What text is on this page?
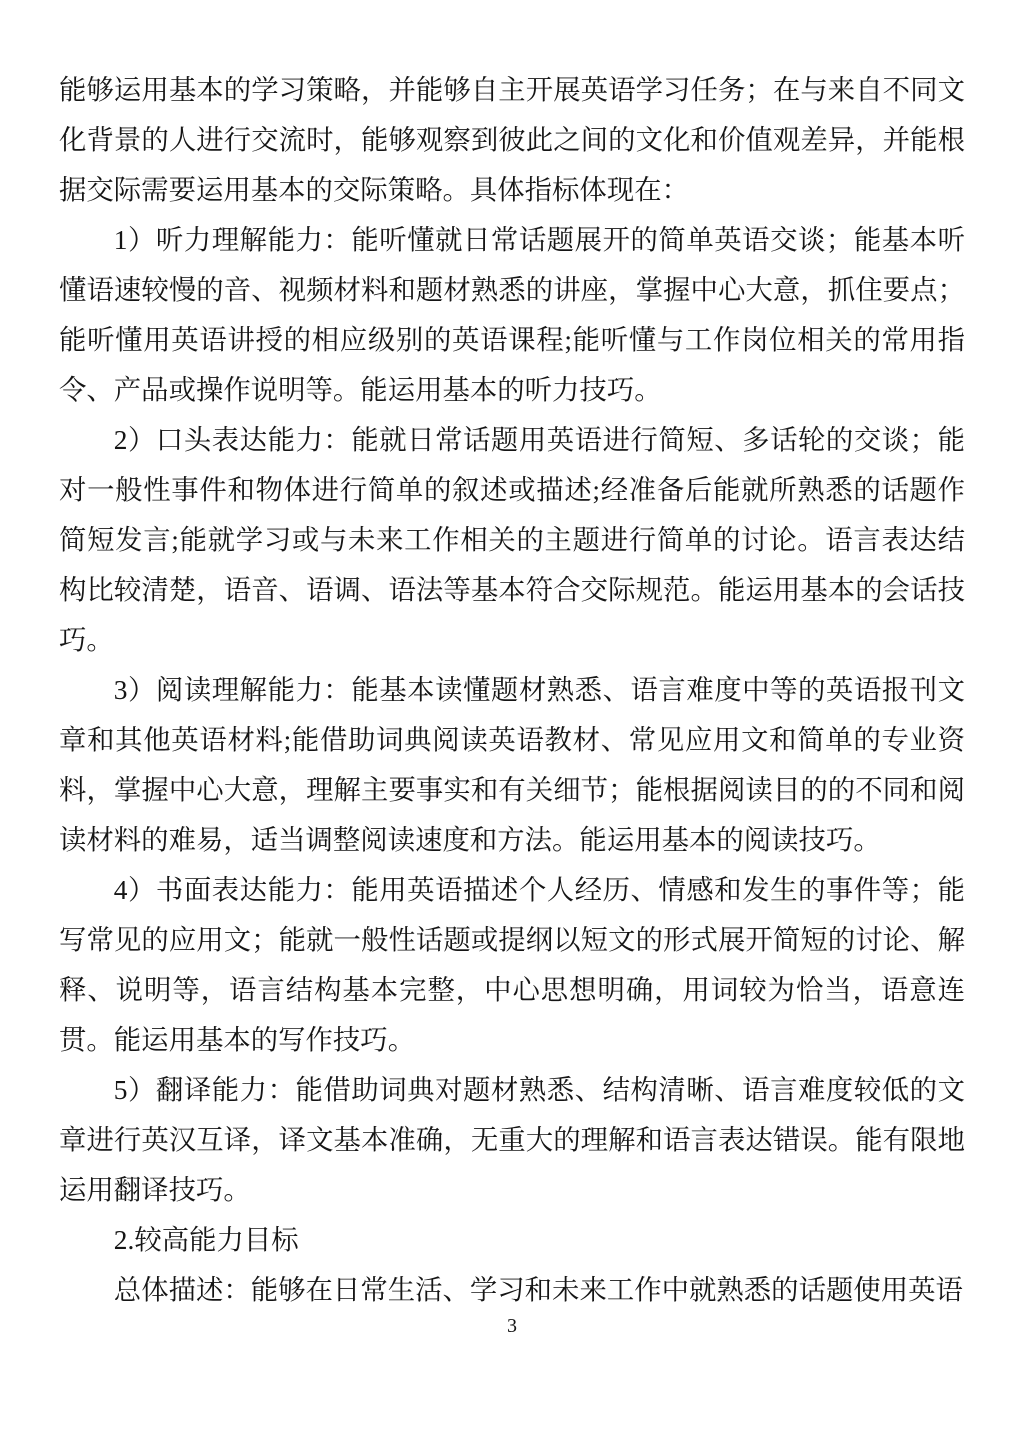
能够运用基本的学习策略，并能够自主开展英语学习任务；在与来自不同文化背景的人进行交流时，能够观察到彼此之间的文化和价值观差异，并能根据交际需要运用基本的交际策略。具体指标体现在：

1）听力理解能力：能听懂就日常话题展开的简单英语交谈；能基本听懂语速较慢的音、视频材料和题材熟悉的讲座，掌握中心大意，抓住要点；能听懂用英语讲授的相应级别的英语课程;能听懂与工作岗位相关的常用指令、产品或操作说明等。能运用基本的听力技巧。

2）口头表达能力：能就日常话题用英语进行简短、多话轮的交谈；能对一般性事件和物体进行简单的叙述或描述;经准备后能就所熟悉的话题作简短发言;能就学习或与未来工作相关的主题进行简单的讨论。语言表达结构比较清楚，语音、语调、语法等基本符合交际规范。能运用基本的会话技巧。

3）阅读理解能力：能基本读懂题材熟悉、语言难度中等的英语报刊文章和其他英语材料;能借助词典阅读英语教材、常见应用文和简单的专业资料，掌握中心大意，理解主要事实和有关细节；能根据阅读目的的不同和阅读材料的难易，适当调整阅读速度和方法。能运用基本的阅读技巧。

4）书面表达能力：能用英语描述个人经历、情感和发生的事件等；能写常见的应用文；能就一般性话题或提纲以短文的形式展开简短的讨论、解释、说明等，语言结构基本完整，中心思想明确，用词较为恰当，语意连贯。能运用基本的写作技巧。

5）翻译能力：能借助词典对题材熟悉、结构清晰、语言难度较低的文章进行英汉互译，译文基本准确，无重大的理解和语言表达错误。能有限地运用翻译技巧。

2.较高能力目标

总体描述：能够在日常生活、学习和未来工作中就熟悉的话题使用英语

3
